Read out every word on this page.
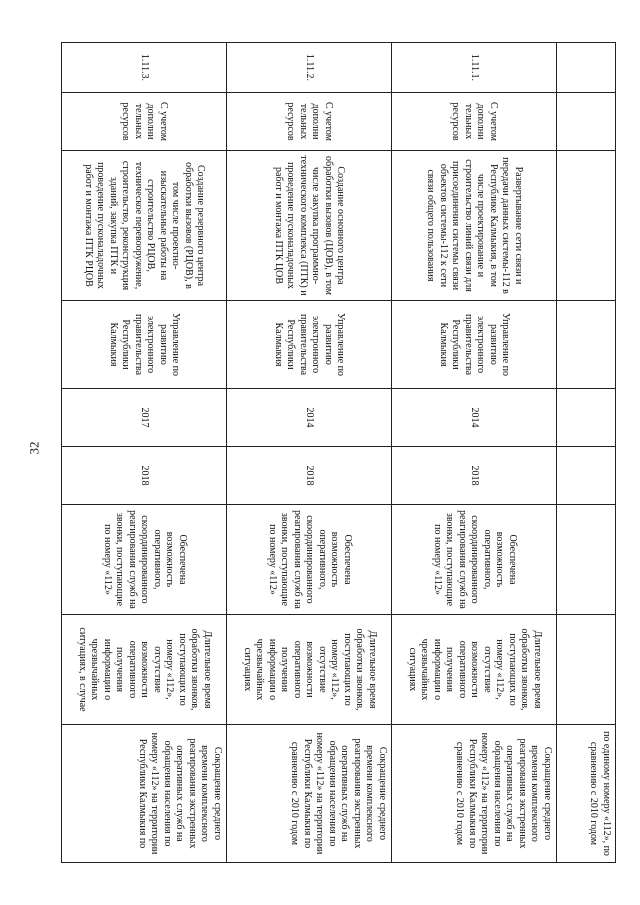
32
								по единому номеру «112», по сравнению с 2010 годом
1.11.1.	С учетом дополни тельных ресурсов	Развертывание сети связи и передачи данных системы-112 в Республике Калмыкия, в том числе проектирование и строительство линий связи для присоединения системы связи объектов системы-112 к сети связи общего пользования	Управление по развитию электронного правительства Республики Калмыкия	2014	2018	Обеспечена возможность оперативного, скоординированного реагирования служб на звонки, поступающие по номеру «112»	Длительное время обработки звонков, поступающих по номеру «112», отсутствие возможности оперативного получения информации о чрезвычайных ситуациях	Сокращение среднего времени комплексного реагирования экстренных оперативных служб на обращения населения по номеру «112» на территории Республики Калмыкия по сравнению с 2010 годом
1.11.2.	С учетом дополни тельных ресурсов	Создание основного центра обработки вызовов (ЦОВ), в том числе закупка программно-технического комплекса (ПТК) и проведение пусконаладочных работ и монтажа ПТК ЦОВ	Управление по развитию электронного правительства Республики Калмыкия	2014	2018	Обеспечена возможность оперативного, скоординированного реагирования служб на звонки, поступающие по номеру «112»	Длительное время обработки звонков, поступающих по номеру «112», отсутствие возможности оперативного получения информации о чрезвычайных ситуациях	Сокращение среднего времени комплексного реагирования экстренных оперативных служб на обращения населения по номеру «112» на территории Республики Калмыкия по сравнению с 2010 годом
1.11.3.	С учетом дополни тельных ресурсов	Создание резервного центра обработки вызовов (РЦОВ), в том числе проектно-изыскательные работы на строительство РЦОВ, техническое перевооружение, строительство, реконструкция зданий, закупка ПТК и проведение пусконаладочных работ и монтажа ПТК РЦОВ	Управление по развитию электронного правительства Республики Калмыкия	2017	2018	Обеспечена возможность оперативного, скоординированного реагирования служб на звонки, поступающие по номеру «112»	Длительное время обработки звонков, поступающих по номеру «112», отсутствие возможности оперативного получения информации о чрезвычайных ситуациях, в случае	Сокращение среднего времени комплексного реагирования экстренных оперативных служб на обращения населения по номеру «112» на территории Республики Калмыкия по
